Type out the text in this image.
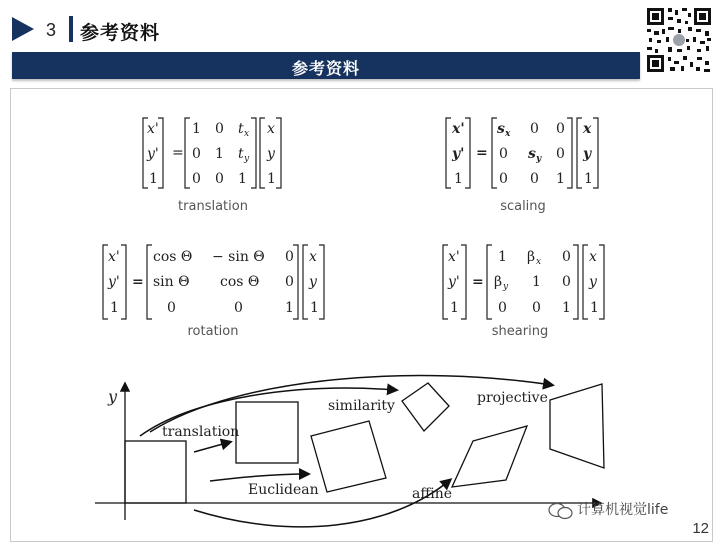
3 参考资料
参考资料
x'
y'
1
=
1 0 t x
0 1 t y
0 0 1
x
y
1
translation
x'
y'
1
=
s x 0 0
0 s y 0
0 0 1
x
y
1
scaling
x'
y'
1
=
cos Θ − sin Θ 0
sin Θ cos Θ 0
0	0	1
x
y
1
rotation
x'
y'
1
=
1 β x 0
β y 1 0
0 0 1
x
y
1
shearing
y
translation
Euclidean
similarity
affine
projective
计算机视觉life
12
